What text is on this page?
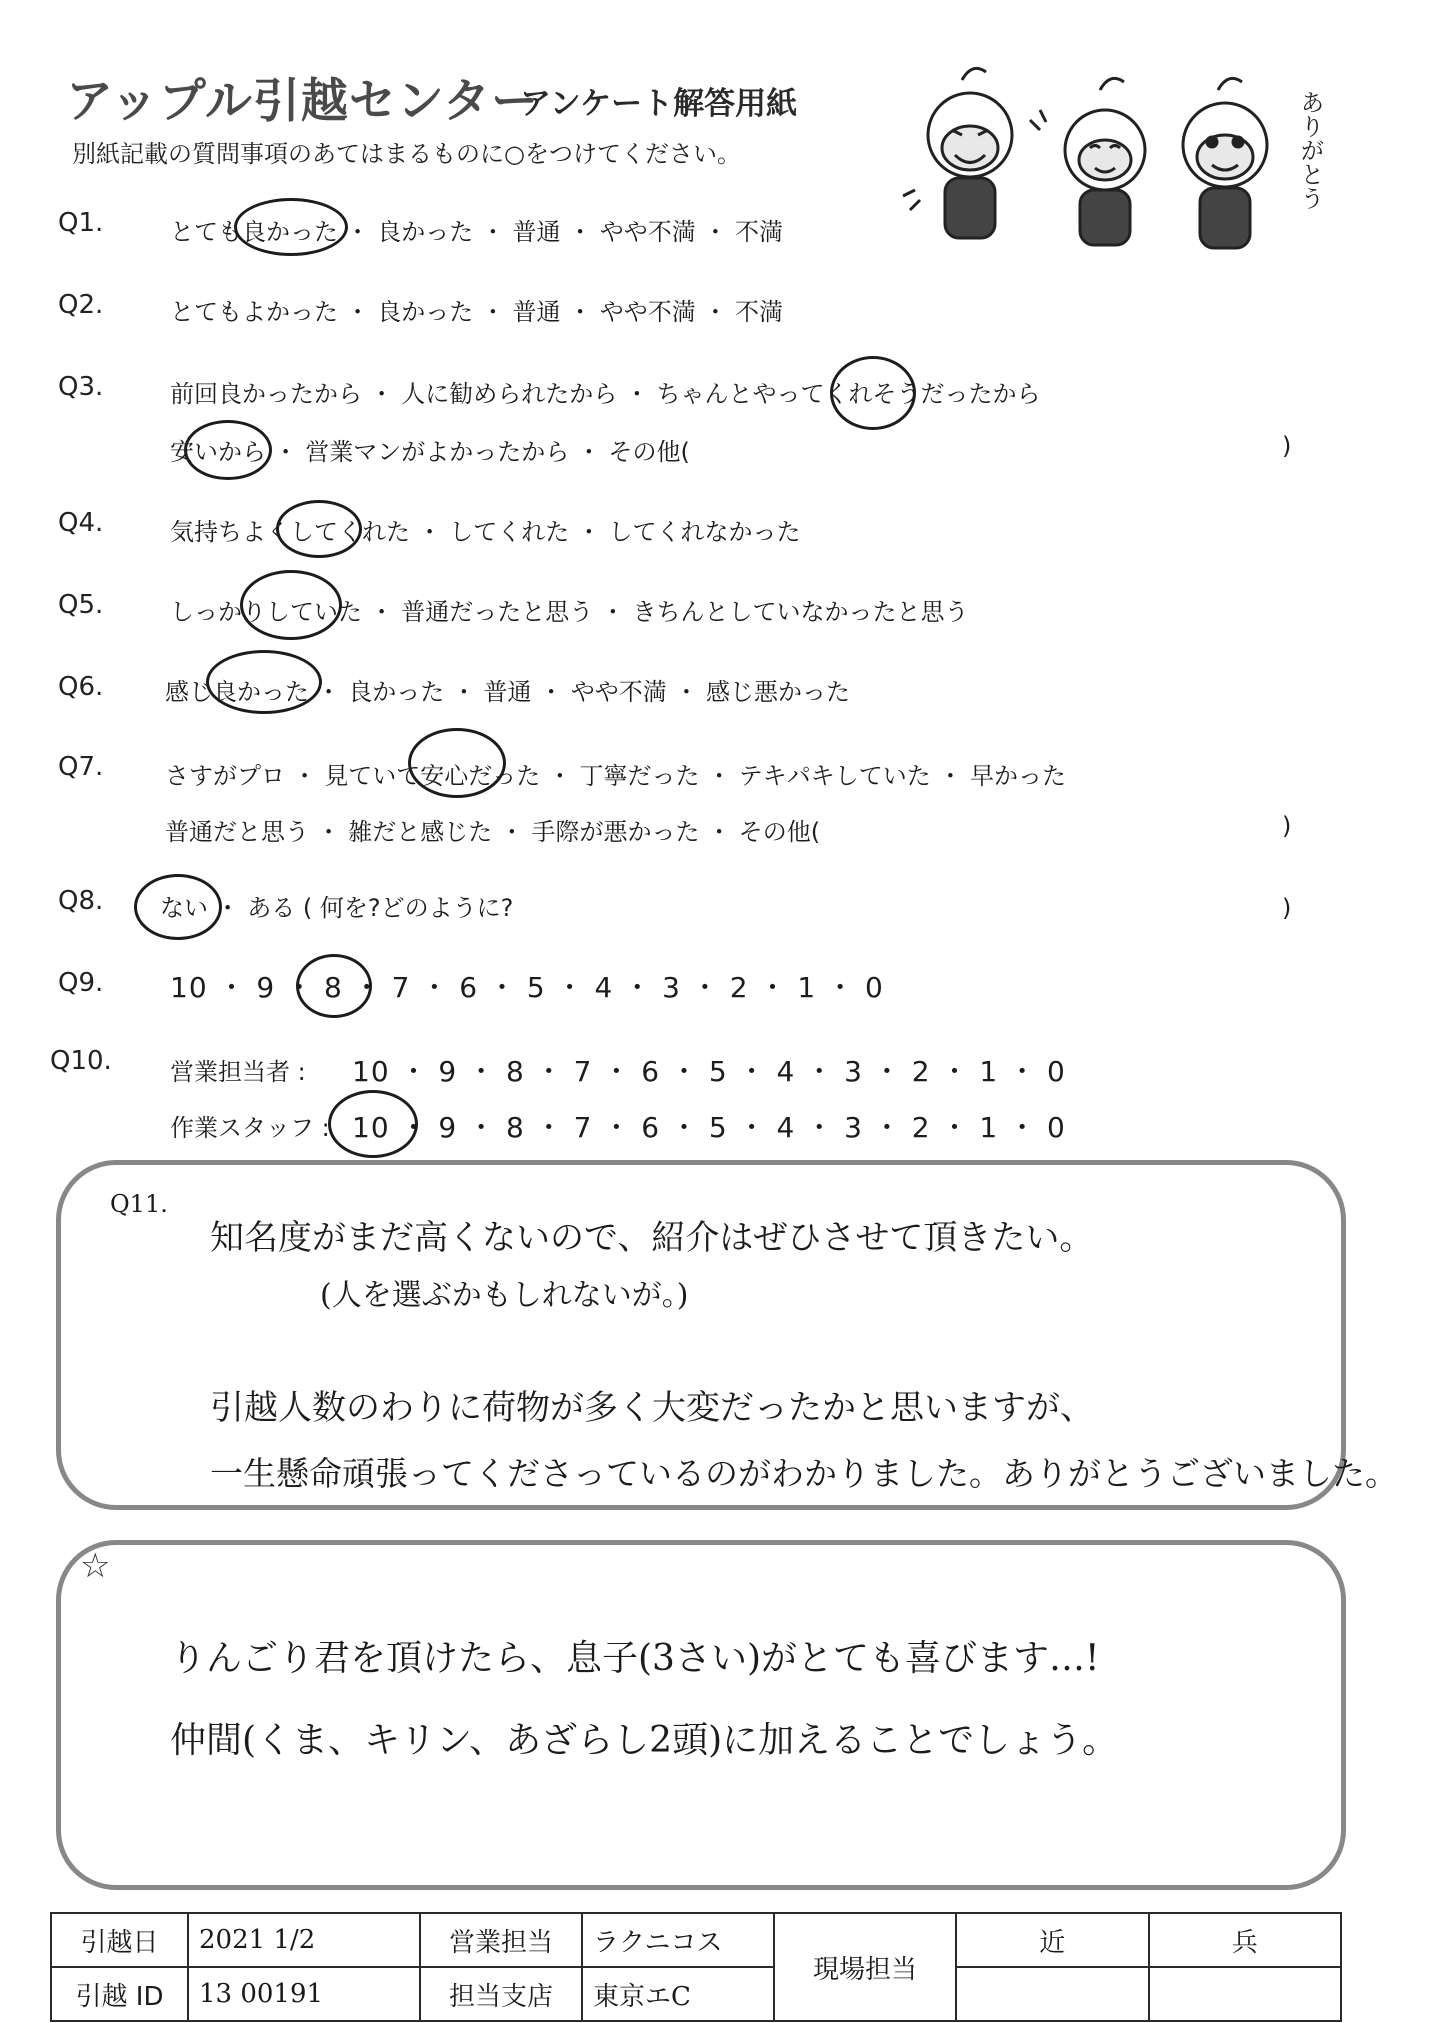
アップル引越センター
アンケート解答用紙
別紙記載の質問事項のあてはまるものに○をつけてください。	ありがとう
Q1.	とても良かった ・ 良かった ・ 普通 ・ やや不満 ・ 不満
Q2.	とてもよかった ・ 良かった ・ 普通 ・ やや不満 ・ 不満
Q3.	前回良かったから ・ 人に勧められたから ・ ちゃんとやってくれそうだったから
安いから ・ 営業マンがよかったから ・ その他(	)
Q4.	気持ちよくしてくれた ・ してくれた ・ してくれなかった
Q5.	しっかりしていた ・ 普通だったと思う ・ きちんとしていなかったと思う
Q6.	感じ良かった ・ 良かった ・ 普通 ・ やや不満 ・ 感じ悪かった
Q7.	さすがプロ ・ 見ていて安心だった ・ 丁寧だった ・ テキパキしていた ・ 早かった
普通だと思う ・ 雑だと感じた ・ 手際が悪かった ・ その他(	)
Q8. ない ・ ある ( 何を?どのように?	)
Q9. 10 ・ 9 ・ 8 ・ 7 ・ 6 ・ 5 ・ 4 ・ 3 ・ 2 ・ 1 ・ 0
Q10. 営業担当者 : 10 ・ 9 ・ 8 ・ 7 ・ 6 ・ 5 ・ 4 ・ 3 ・ 2 ・ 1 ・ 0
作業スタッフ : 10 ・ 9 ・ 8 ・ 7 ・ 6 ・ 5 ・ 4 ・ 3 ・ 2 ・ 1 ・ 0
Q11.
知名度がまだ高くないので、紹介はぜひさせて頂きたい。
(人を選ぶかもしれないが。)
引越人数のわりに荷物が多く大変だったかと思いますが、
一生懸命頑張ってくださっているのがわかりました。ありがとうございました。
☆
りんごり君を頂けたら、息子(3さい)がとても喜びます…!
仲間(くま、キリン、あざらし2頭)に加えることでしょう。
引越日	2021 1/2	営業担当	ラクニコス	現場担当	近	兵
引越 ID	13 00191	担当支店	東京エC			
